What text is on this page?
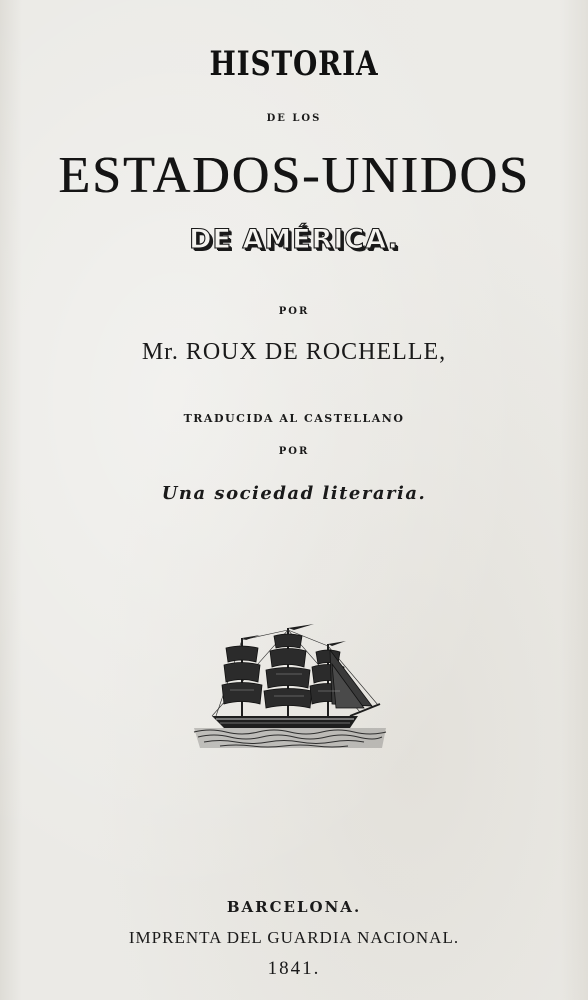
HISTORIA
DE LOS
ESTADOS-UNIDOS
DE AMÉRICA.
POR
Mr. ROUX DE ROCHELLE,
TRADUCIDA AL CASTELLANO
POR
Una sociedad literaria.
BARCELONA.
IMPRENTA DEL GUARDIA NACIONAL.
1841.
